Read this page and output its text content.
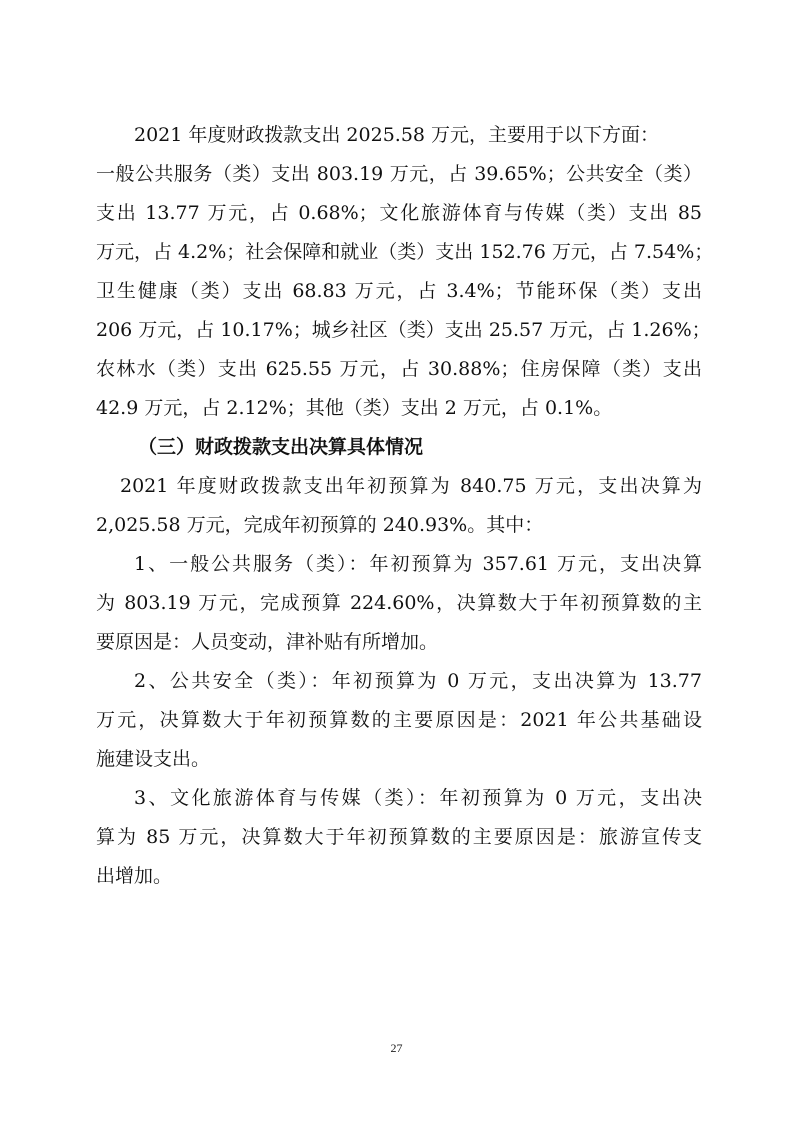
2021 年度财政拨款支出 2025.58 万元，主要用于以下方面：
一般公共服务（类）支出 803.19 万元，占 39.65%；公共安全（类）
支出 13.77 万元，占 0.68%；文化旅游体育与传媒（类）支出 85
万元，占 4.2%；社会保障和就业（类）支出 152.76 万元，占 7.54%；
卫生健康（类）支出 68.83 万元，占 3.4%；节能环保（类）支出
206 万元，占 10.17%；城乡社区（类）支出 25.57 万元，占 1.26%；
农林水（类）支出 625.55 万元，占 30.88%；住房保障（类）支出
42.9 万元，占 2.12%；其他（类）支出 2 万元，占 0.1%。
（三）财政拨款支出决算具体情况
2021 年度财政拨款支出年初预算为 840.75 万元，支出决算为
2,025.58 万元，完成年初预算的 240.93%。其中：
1、一般公共服务（类）：年初预算为 357.61 万元，支出决算
为 803.19 万元，完成预算 224.60%，决算数大于年初预算数的主
要原因是：人员变动，津补贴有所增加。
2、公共安全（类）：年初预算为 0 万元，支出决算为 13.77
万元，决算数大于年初预算数的主要原因是：2021 年公共基础设
施建设支出。
3、文化旅游体育与传媒（类）：年初预算为 0 万元，支出决
算为 85 万元，决算数大于年初预算数的主要原因是：旅游宣传支
出增加。
27
